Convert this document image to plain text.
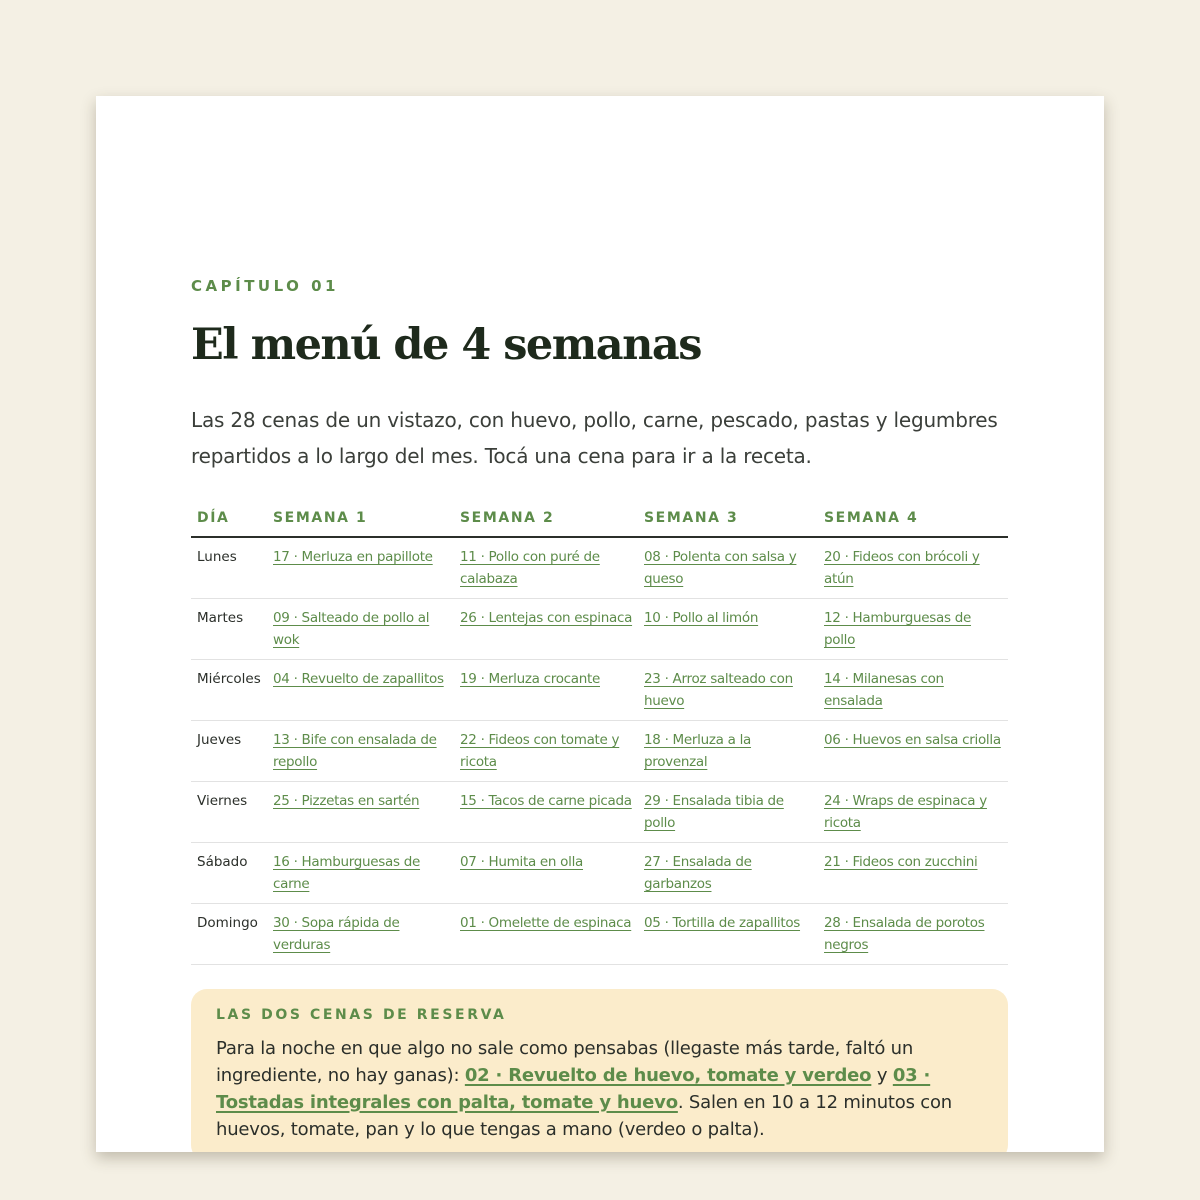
CAPÍTULO 01

El menú de 4 semanas

Las 28 cenas de un vistazo, con huevo, pollo, carne, pescado, pastas y legumbres repartidos a lo largo del mes. Tocá una cena para ir a la receta.

DÍA	SEMANA 1	SEMANA 2	SEMANA 3	SEMANA 4
Lunes	17 · Merluza en papillote	11 · Pollo con puré de calabaza	08 · Polenta con salsa y queso	20 · Fideos con brócoli y atún
Martes	09 · Salteado de pollo al wok	26 · Lentejas con espinaca	10 · Pollo al limón	12 · Hamburguesas de pollo
Miércoles	04 · Revuelto de zapallitos	19 · Merluza crocante	23 · Arroz salteado con huevo	14 · Milanesas con ensalada
Jueves	13 · Bife con ensalada de repollo	22 · Fideos con tomate y ricota	18 · Merluza a la provenzal	06 · Huevos en salsa criolla
Viernes	25 · Pizzetas en sartén	15 · Tacos de carne picada	29 · Ensalada tibia de pollo	24 · Wraps de espinaca y ricota
Sábado	16 · Hamburguesas de carne	07 · Humita en olla	27 · Ensalada de garbanzos	21 · Fideos con zucchini
Domingo	30 · Sopa rápida de verduras	01 · Omelette de espinaca	05 · Tortilla de zapallitos	28 · Ensalada de porotos negros

LAS DOS CENAS DE RESERVA

Para la noche en que algo no sale como pensabas (llegaste más tarde, faltó un ingrediente, no hay ganas): 02 · Revuelto de huevo, tomate y verdeo y 03 · Tostadas integrales con palta, tomate y huevo. Salen en 10 a 12 minutos con huevos, tomate, pan y lo que tengas a mano (verdeo o palta).
